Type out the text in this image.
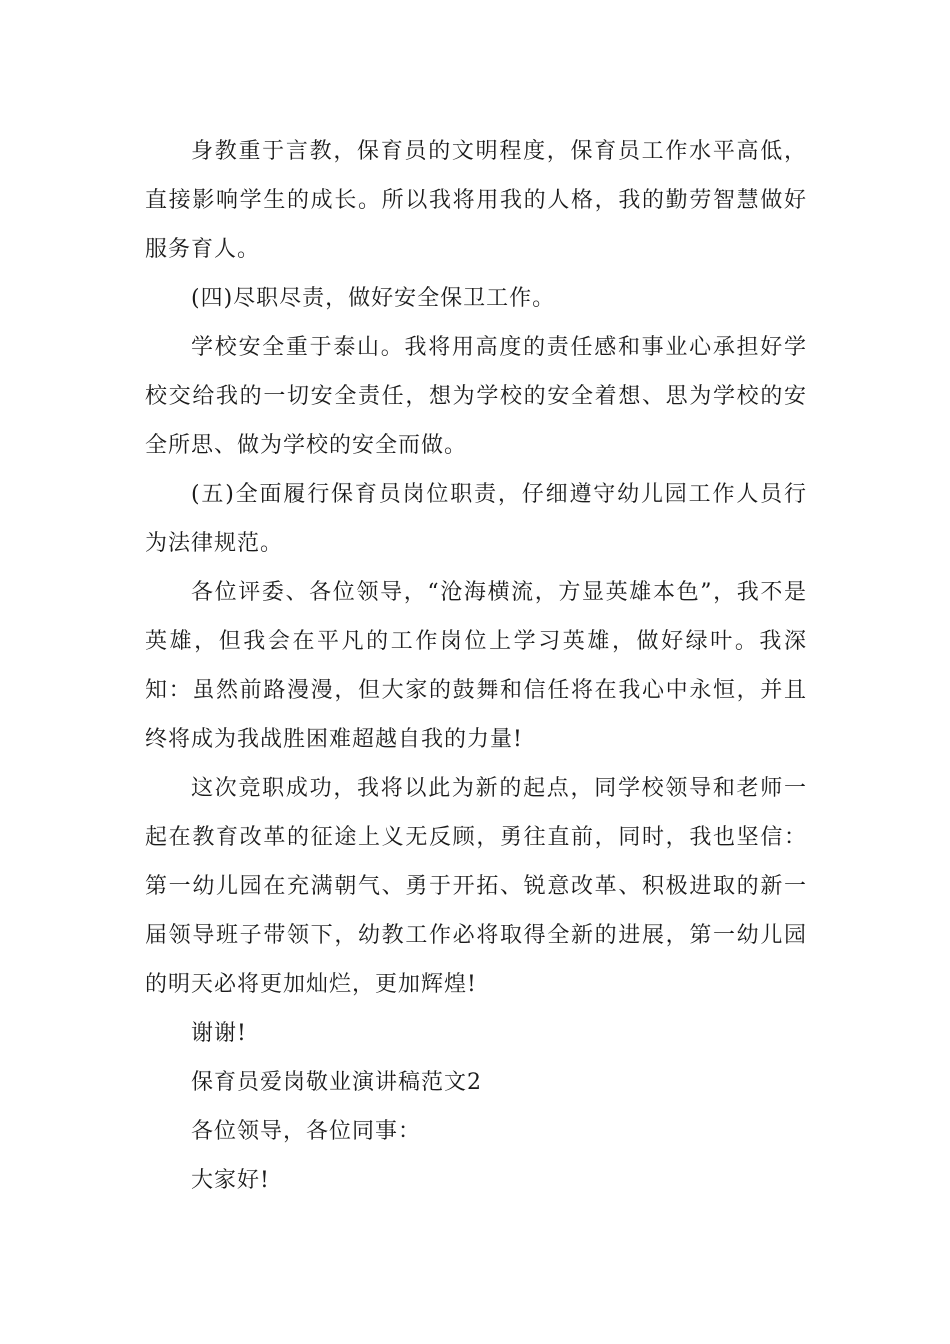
身教重于言教，保育员的文明程度，保育员工作水平高低，直接影响学生的成长。所以我将用我的人格，我的勤劳智慧做好服务育人。

(四)尽职尽责，做好安全保卫工作。

学校安全重于泰山。我将用高度的责任感和事业心承担好学校交给我的一切安全责任，想为学校的安全着想、思为学校的安全所思、做为学校的安全而做。

(五)全面履行保育员岗位职责，仔细遵守幼儿园工作人员行为法律规范。

各位评委、各位领导，“沧海横流，方显英雄本色”，我不是英雄，但我会在平凡的工作岗位上学习英雄，做好绿叶。我深知：虽然前路漫漫，但大家的鼓舞和信任将在我心中永恒，并且终将成为我战胜困难超越自我的力量!

这次竞职成功，我将以此为新的起点，同学校领导和老师一起在教育改革的征途上义无反顾，勇往直前，同时，我也坚信：第一幼儿园在充满朝气、勇于开拓、锐意改革、积极进取的新一届领导班子带领下，幼教工作必将取得全新的进展，第一幼儿园的明天必将更加灿烂，更加辉煌!

谢谢!

保育员爱岗敬业演讲稿范文2

各位领导，各位同事：

大家好!
